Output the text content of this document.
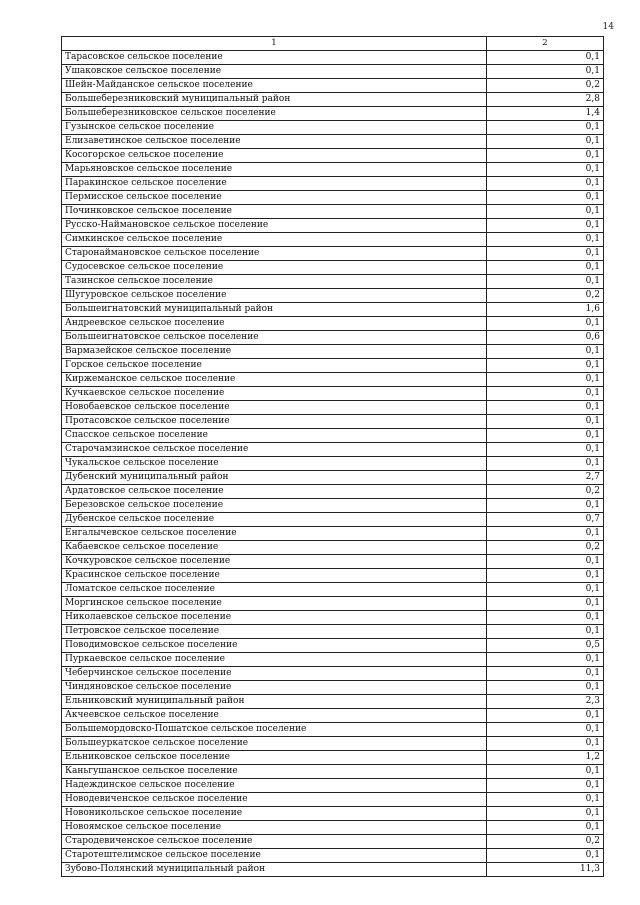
14
1	2
Тарасовское сельское поселение	0,1
Ушаковское сельское поселение	0,1
Шейн-Майданское сельское поселение	0,2
Большеберезниковский муниципальный район	2,8
Большеберезниковское сельское поселение	1,4
Гузынское сельское поселение	0,1
Елизаветинское сельское поселение	0,1
Косогорское сельское поселение	0,1
Марьяновское сельское поселение	0,1
Паракинское сельское поселение	0,1
Пермисское сельское поселение	0,1
Починковское сельское поселение	0,1
Русско-Наймановское сельское поселение	0,1
Симкинское сельское поселение	0,1
Старонаймановское сельское поселение	0,1
Судосевское сельское поселение	0,1
Тазинское сельское поселение	0,1
Шугуровское сельское поселение	0,2
Большеигнатовский муниципальный район	1,6
Андреевское сельское поселение	0,1
Большеигнатовское сельское поселение	0,6
Вармазейское сельское поселение	0,1
Горское сельское поселение	0,1
Киржеманское сельское поселение	0,1
Кучкаевское сельское поселение	0,1
Новобаевское сельское поселение	0,1
Протасовское сельское поселение	0,1
Спасское сельское поселение	0,1
Старочамзинское сельское поселение	0,1
Чукальское сельское поселение	0,1
Дубенский муниципальный район	2,7
Ардатовское сельское поселение	0,2
Березовское сельское поселение	0,1
Дубенское сельское поселение	0,7
Енгалычевское сельское поселение	0,1
Кабаевское сельское поселение	0,2
Кочкуровское сельское поселение	0,1
Красинское сельское поселение	0,1
Ломатское сельское поселение	0,1
Моргинское сельское поселение	0,1
Николаевское сельское поселение	0,1
Петровское сельское поселение	0,1
Поводимовское сельское поселение	0,5
Пуркаевское сельское поселение	0,1
Чеберчинское сельское поселение	0,1
Чиндяновское сельское поселение	0,1
Ельниковский муниципальный район	2,3
Акчеевское сельское поселение	0,1
Большемордовско-Пошатское сельское поселение	0,1
Большеуркатское сельское поселение	0,1
Ельниковское сельское поселение	1,2
Каньгушанское сельское поселение	0,1
Надеждинское сельское поселение	0,1
Новодевиченское сельское поселение	0,1
Новоникольское сельское поселение	0,1
Новоямское сельское поселение	0,1
Стародевиченское сельское поселение	0,2
Старотештелимское сельское поселение	0,1
Зубово-Полянский муниципальный район	11,3
